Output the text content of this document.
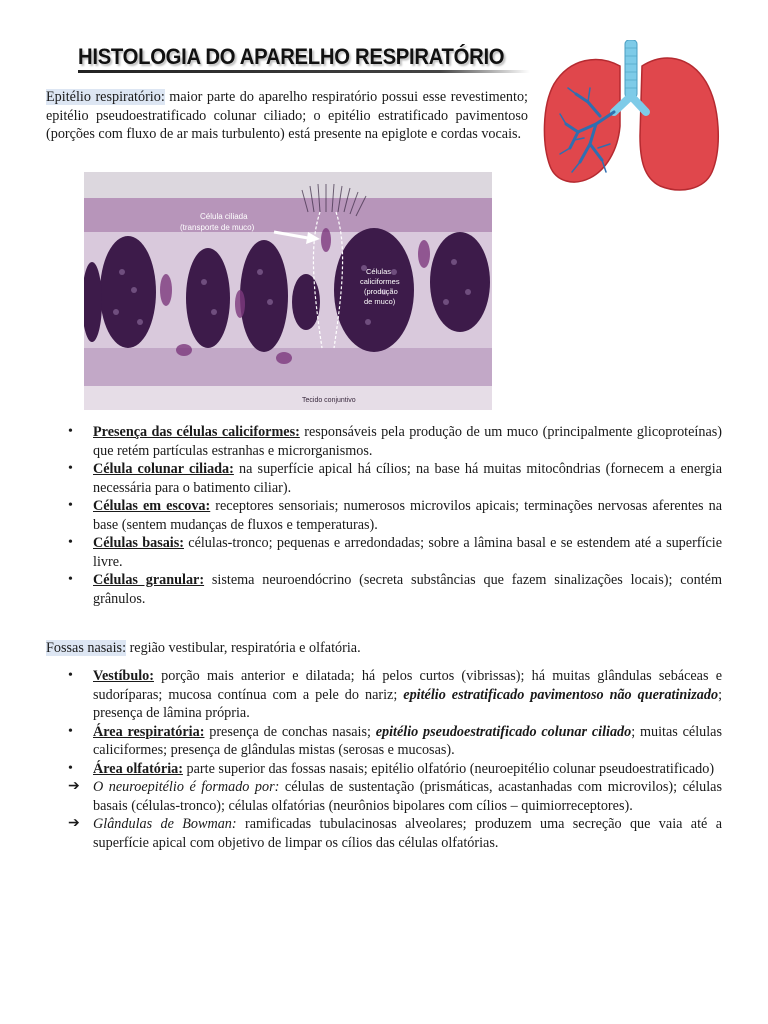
HISTOLOGIA DO APARELHO RESPIRATÓRIO
Epitélio respiratório: maior parte do aparelho respiratório possui esse revestimento; epitélio pseudoestratificado colunar ciliado; o epitélio estratificado pavimentoso (porções com fluxo de ar mais turbulento) está presente na epiglote e cordas vocais.
Célula ciliada
(transporte de muco)
Células
caliciformes
(produção
de muco)
Tecido conjuntivo
• Presença das células caliciformes: responsáveis pela produção de um muco (principalmente glicoproteínas) que retém partículas estranhas e microrganismos.
• Célula colunar ciliada: na superfície apical há cílios; na base há muitas mitocôndrias (fornecem a energia necessária para o batimento ciliar).
• Células em escova: receptores sensoriais; numerosos microvilos apicais; terminações nervosas aferentes na base (sentem mudanças de fluxos e temperaturas).
• Células basais: células-tronco; pequenas e arredondadas; sobre a lâmina basal e se estendem até a superfície livre.
• Células granular: sistema neuroendócrino (secreta substâncias que fazem sinalizações locais); contém grânulos.
Fossas nasais: região vestibular, respiratória e olfatória.
• Vestíbulo: porção mais anterior e dilatada; há pelos curtos (vibrissas); há muitas glândulas sebáceas e sudoríparas; mucosa contínua com a pele do nariz; epitélio estratificado pavimentoso não queratinizado; presença de lâmina própria.
• Área respiratória: presença de conchas nasais; epitélio pseudoestratificado colunar ciliado; muitas células caliciformes; presença de glândulas mistas (serosas e mucosas).
• Área olfatória: parte superior das fossas nasais; epitélio olfatório (neuroepitélio colunar pseudoestratificado)
➔ O neuroepitélio é formado por: células de sustentação (prismáticas, acastanhadas com microvilos); células basais (células-tronco); células olfatórias (neurônios bipolares com cílios – quimiorreceptores).
➔ Glândulas de Bowman: ramificadas tubulacinosas alveolares; produzem uma secreção que vaia até a superfície apical com objetivo de limpar os cílios das células olfatórias.
